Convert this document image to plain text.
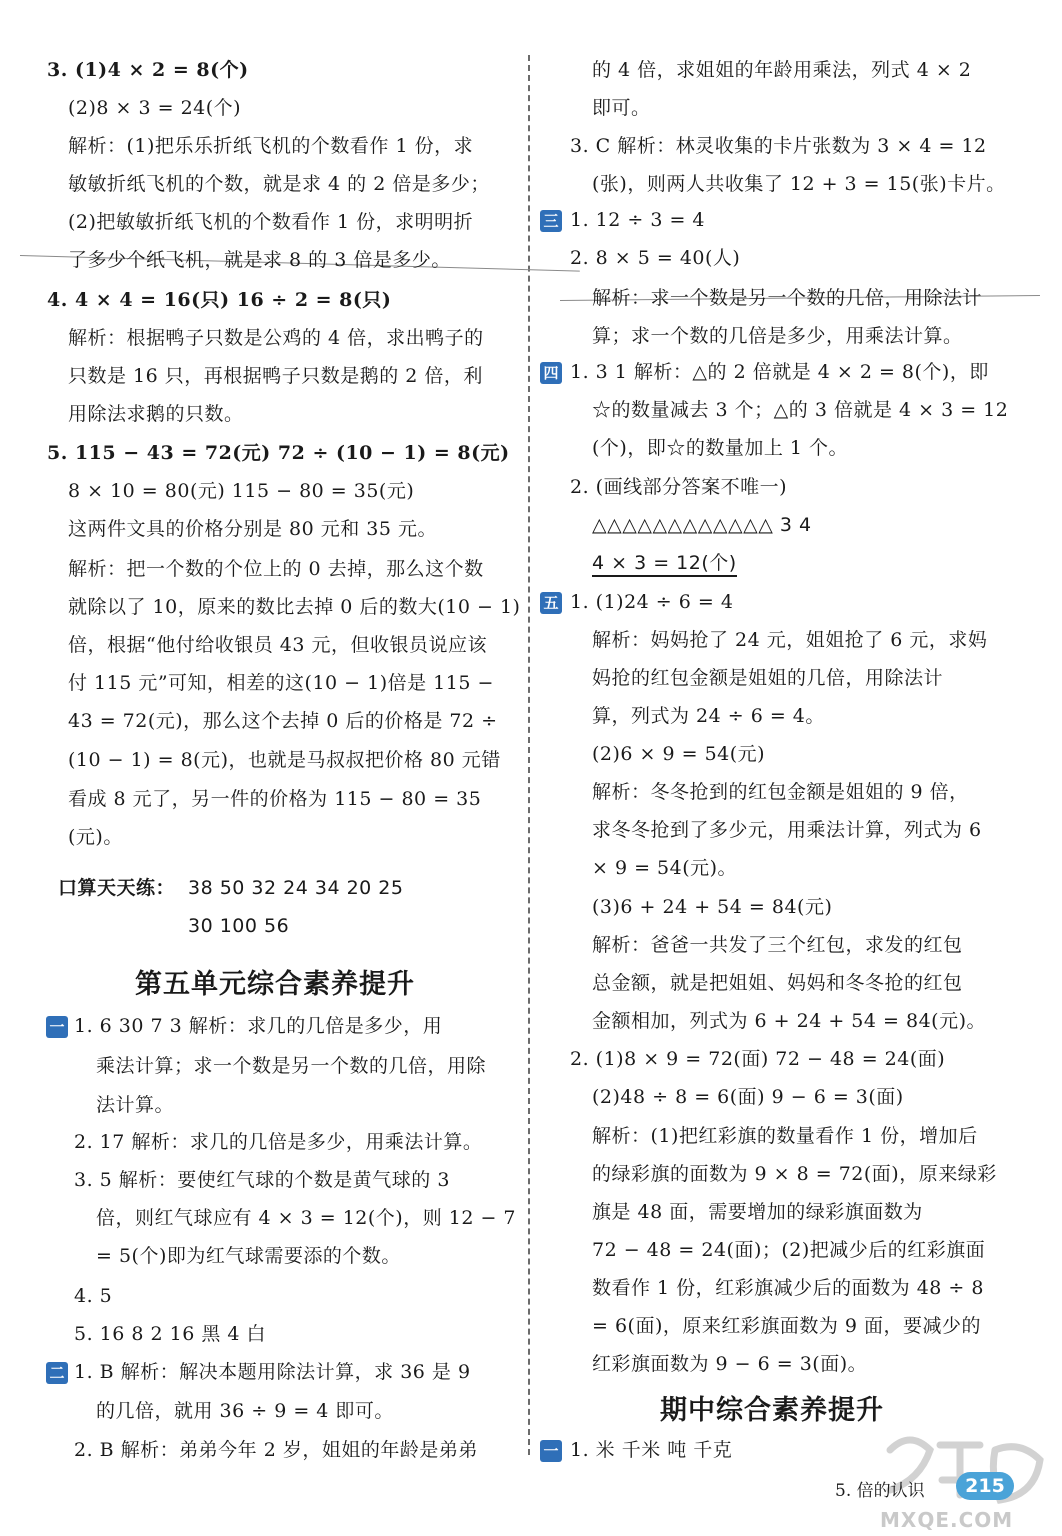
3. (1)4 × 2 = 8(个)
(2)8 × 3 = 24(个)
解析：(1)把乐乐折纸飞机的个数看作 1 份，求
敏敏折纸飞机的个数，就是求 4 的 2 倍是多少；
(2)把敏敏折纸飞机的个数看作 1 份，求明明折
了多少个纸飞机，就是求 8 的 3 倍是多少。
4. 4 × 4 = 16(只) 16 ÷ 2 = 8(只)
解析：根据鸭子只数是公鸡的 4 倍，求出鸭子的
只数是 16 只，再根据鸭子只数是鹅的 2 倍，利
用除法求鹅的只数。
5. 115 − 43 = 72(元) 72 ÷ (10 − 1) = 8(元)
8 × 10 = 80(元) 115 − 80 = 35(元)
这两件文具的价格分别是 80 元和 35 元。
解析：把一个数的个位上的 0 去掉，那么这个数
就除以了 10，原来的数比去掉 0 后的数大(10 − 1)
倍，根据“他付给收银员 43 元，但收银员说应该
付 115 元”可知，相差的这(10 − 1)倍是 115 −
43 = 72(元)，那么这个去掉 0 后的价格是 72 ÷
(10 − 1) = 8(元)，也就是马叔叔把价格 80 元错
看成 8 元了，另一件的价格为 115 − 80 = 35
(元)。
口算天天练： 38 50 32 24 34 20 25
30 100 56
第五单元综合素养提升
一 1. 6 30 7 3 解析：求几的几倍是多少，用
乘法计算；求一个数是另一个数的几倍，用除
法计算。
2. 17 解析：求几的几倍是多少，用乘法计算。
3. 5 解析：要使红气球的个数是黄气球的 3
倍，则红气球应有 4 × 3 = 12(个)，则 12 − 7
= 5(个)即为红气球需要添的个数。
4. 5
5. 16 8 2 16 黑 4 白
二 1. B 解析：解决本题用除法计算，求 36 是 9
的几倍，就用 36 ÷ 9 = 4 即可。
2. B 解析：弟弟今年 2 岁，姐姐的年龄是弟弟
的 4 倍，求姐姐的年龄用乘法，列式 4 × 2
即可。
3. C 解析：林灵收集的卡片张数为 3 × 4 = 12
(张)，则两人共收集了 12 + 3 = 15(张)卡片。
三 1. 12 ÷ 3 = 4
2. 8 × 5 = 40(人)
解析：求一个数是另一个数的几倍，用除法计
算；求一个数的几倍是多少，用乘法计算。
四 1. 3 1 解析：△的 2 倍就是 4 × 2 = 8(个)，即
☆的数量减去 3 个；△的 3 倍就是 4 × 3 = 12
(个)，即☆的数量加上 1 个。
2. (画线部分答案不唯一)
△△△△△△△△△△△△ 3 4
4 × 3 = 12(个)
五 1. (1)24 ÷ 6 = 4
解析：妈妈抢了 24 元，姐姐抢了 6 元，求妈
妈抢的红包金额是姐姐的几倍，用除法计
算，列式为 24 ÷ 6 = 4。
(2)6 × 9 = 54(元)
解析：冬冬抢到的红包金额是姐姐的 9 倍，
求冬冬抢到了多少元，用乘法计算，列式为 6
× 9 = 54(元)。
(3)6 + 24 + 54 = 84(元)
解析：爸爸一共发了三个红包，求发的红包
总金额，就是把姐姐、妈妈和冬冬抢的红包
金额相加，列式为 6 + 24 + 54 = 84(元)。
2. (1)8 × 9 = 72(面) 72 − 48 = 24(面)
(2)48 ÷ 8 = 6(面) 9 − 6 = 3(面)
解析：(1)把红彩旗的数量看作 1 份，增加后
的绿彩旗的面数为 9 × 8 = 72(面)，原来绿彩
旗是 48 面，需要增加的绿彩旗面数为
72 − 48 = 24(面)；(2)把减少后的红彩旗面
数看作 1 份，红彩旗减少后的面数为 48 ÷ 8
= 6(面)，原来红彩旗面数为 9 面，要减少的
红彩旗面数为 9 − 6 = 3(面)。
期中综合素养提升
一 1. 米 千米 吨 千克
MXQE.COM
5. 倍的认识	215
